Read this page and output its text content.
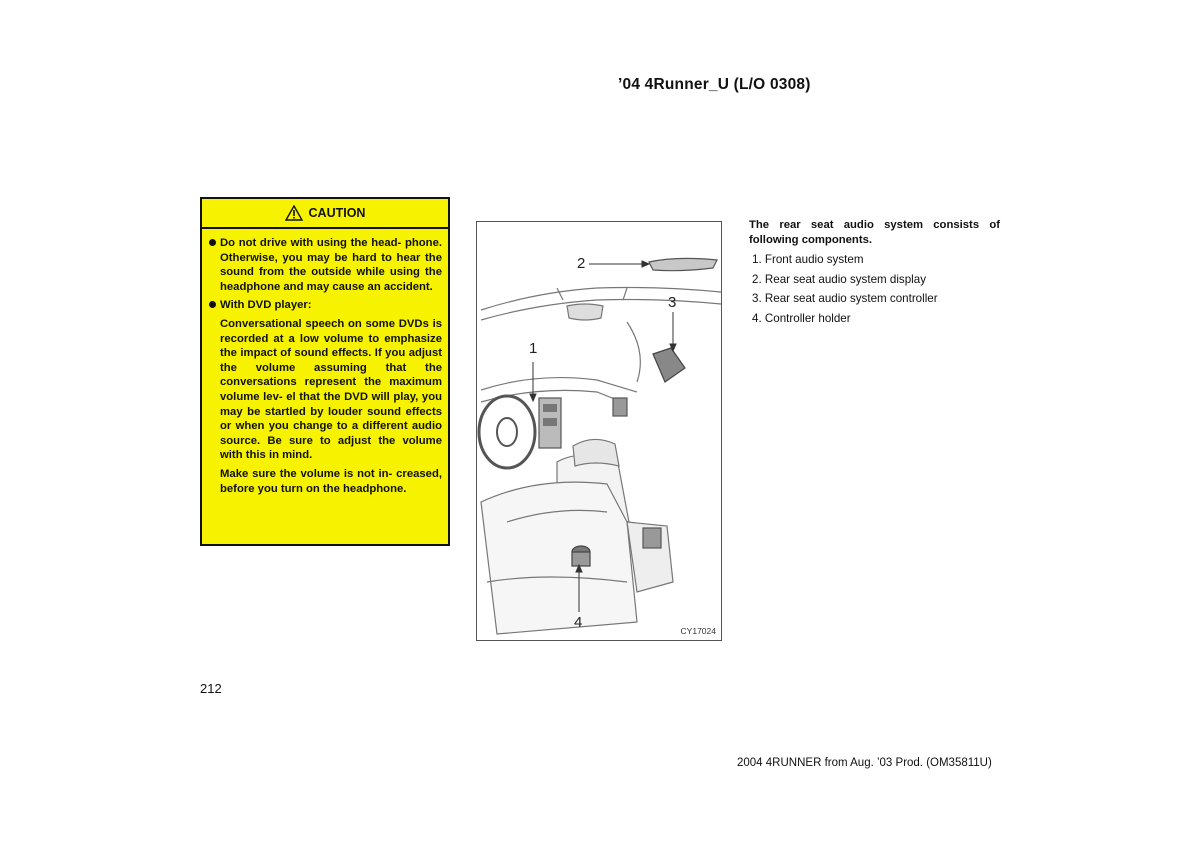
’04 4Runner_U (L/O 0308)
CAUTION
Do not drive with using the head- phone. Otherwise, you may be hard to hear the sound from the outside while using the headphone and may cause an accident.
With DVD player:
Conversational speech on some DVDs is recorded at a low volume to emphasize the impact of sound effects. If you adjust the volume assuming that the conversations represent the maximum volume lev- el that the DVD will play, you may be startled by louder sound effects or when you change to a different audio source. Be sure to adjust the volume with this in mind.
Make sure the volume is not in- creased, before you turn on the headphone.
1
2
3
4	CY17024
The rear seat audio system consists of following components.
1. Front audio system
2. Rear seat audio system display
3. Rear seat audio system controller
4. Controller holder
212
2004 4RUNNER from Aug. ’03 Prod. (OM35811U)
